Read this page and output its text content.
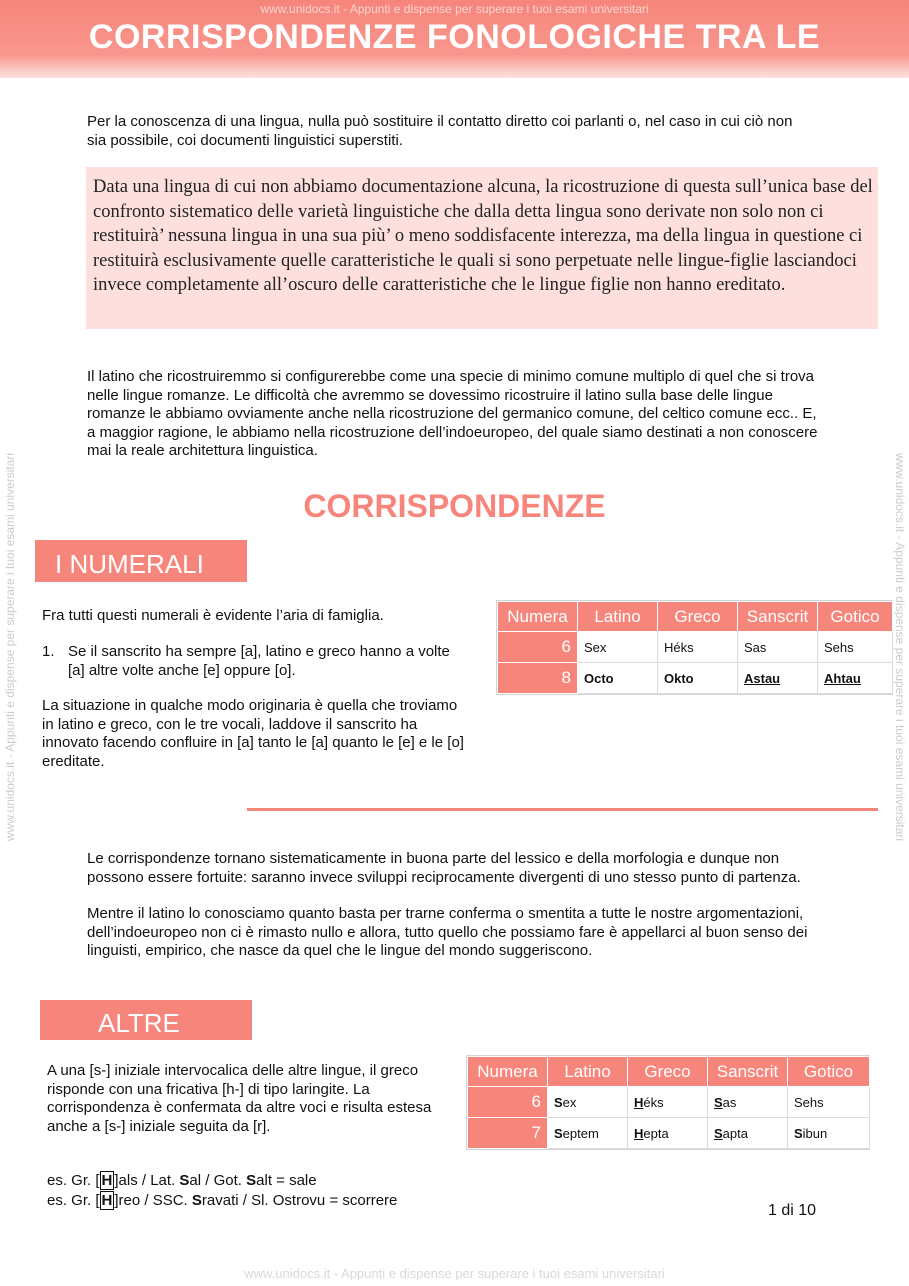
www.unidocs.it - Appunti e dispense per superare i tuoi esami universitari
CORRISPONDENZE FONOLOGICHE TRA LE
www.unidocs.it - Appunti e dispense per superare i tuoi esami universitari	www.unidocs.it - Appunti e dispense per superare i tuoi esami universitari
Per la conoscenza di una lingua, nulla può sostituire il contatto diretto coi parlanti o, nel caso in cui ciò non sia possibile, coi documenti linguistici superstiti.
Data una lingua di cui non abbiamo documentazione alcuna, la ricostruzione di questa sull’unica base del confronto sistematico delle varietà linguistiche che dalla detta lingua sono derivate non solo non ci restituirà’ nessuna lingua in una sua più’ o meno soddisfacente interezza, ma della lingua in questione ci restituirà esclusivamente quelle caratteristiche le quali si sono perpetuate nelle lingue-figlie lasciandoci invece completamente all’oscuro delle caratteristiche che le lingue figlie non hanno ereditato.
Il latino che ricostruiremmo si configurerebbe come una specie di minimo comune multiplo di quel che si trova nelle lingue romanze. Le difficoltà che avremmo se dovessimo ricostruire il latino sulla base delle lingue romanze le abbiamo ovviamente anche nella ricostruzione del germanico comune, del celtico comune ecc.. E, a maggior ragione, le abbiamo nella ricostruzione dell’indoeuropeo, del quale siamo destinati a non conoscere mai la reale architettura linguistica.
CORRISPONDENZE
I NUMERALI
Fra tutti questi numerali è evidente l’aria di famiglia.
1. Se il sanscrito ha sempre [a], latino e greco hanno a volte [a] altre volte anche [e] oppure [o].
La situazione in qualche modo originaria è quella che troviamo in latino e greco, con le tre vocali, laddove il sanscrito ha innovato facendo confluire in [a] tanto le [a] quanto le [e] e le [o] ereditate.
Numera	Latino	Greco	Sanscrit	Gotico
6	Sex	Héks	Sas	Sehs
8	Octo	Okto	Astau	Ahtau
Le corrispondenze tornano sistematicamente in buona parte del lessico e della morfologia e dunque non possono essere fortuite: saranno invece sviluppi reciprocamente divergenti di uno stesso punto di partenza.
Mentre il latino lo conosciamo quanto basta per trarne conferma o smentita a tutte le nostre argomentazioni, dell’indoeuropeo non ci è rimasto nullo e allora, tutto quello che possiamo fare è appellarci al buon senso dei linguisti, empirico, che nasce da quel che le lingue del mondo suggeriscono.
ALTRE
A una [s-] iniziale intervocalica delle altre lingue, il greco risponde con una fricativa [h-] di tipo laringite. La corrispondenza è confermata da altre voci e risulta estesa anche a [s-] iniziale seguita da [r].
es. Gr. [ H ]als / Lat. Sal / Got. Salt = sale
es. Gr. [ H ]reo / SSC. Sravati / Sl. Ostrovu = scorrere
Numera	Latino	Greco	Sanscrit	Gotico
6	Sex	Héks	Sas	Sehs
7	Septem	Hepta	Sapta	Sibun
1 di 10
www.unidocs.it - Appunti e dispense per superare i tuoi esami universitari
